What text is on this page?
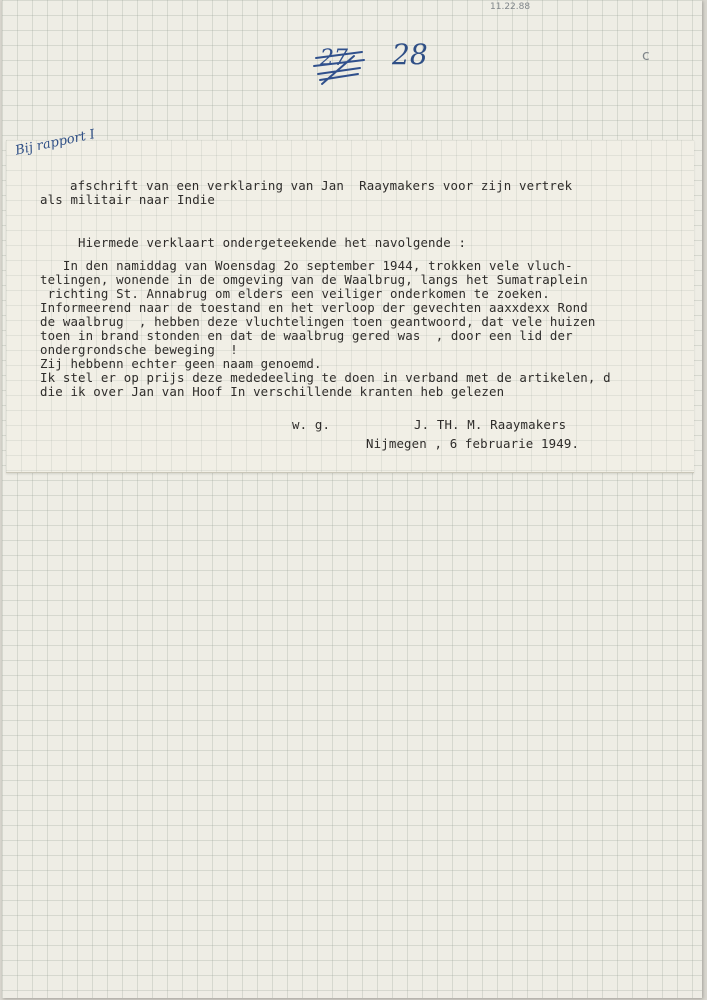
11.22.88
27 28	c
Bij rapport I
afschrift van een verklaring van Jan  Raaymakers voor zijn vertrek
als militair naar Indie
Hiermede verklaart ondergeteekende het navolgende :
In den namiddag van Woensdag 2o september 1944, trokken vele vluch-
telingen, wonende in de omgeving van de Waalbrug, langs het Sumatraplein
richting St. Annabrug om elders een veiliger onderkomen te zoeken.
Informeerend naar de toestand en het verloop der gevechten ааххdexx Rond
de waalbrug  , hebben deze vluchtelingen toen geantwoord, dat vele huizen
toen in brand stonden en dat de waalbrug gered was  , door een lid der
ondergrondsche beweging  !
Zij hebbenn echter geen naam genoemd.
Ik stel er op prijs deze mededeeling te doen in verband met de artikelen, d
die ik over Jan van Hoof In verschillende kranten heb gelezen
w. g.	J. TH. M. Raaymakers
Nijmegen , 6 februarie 1949.
